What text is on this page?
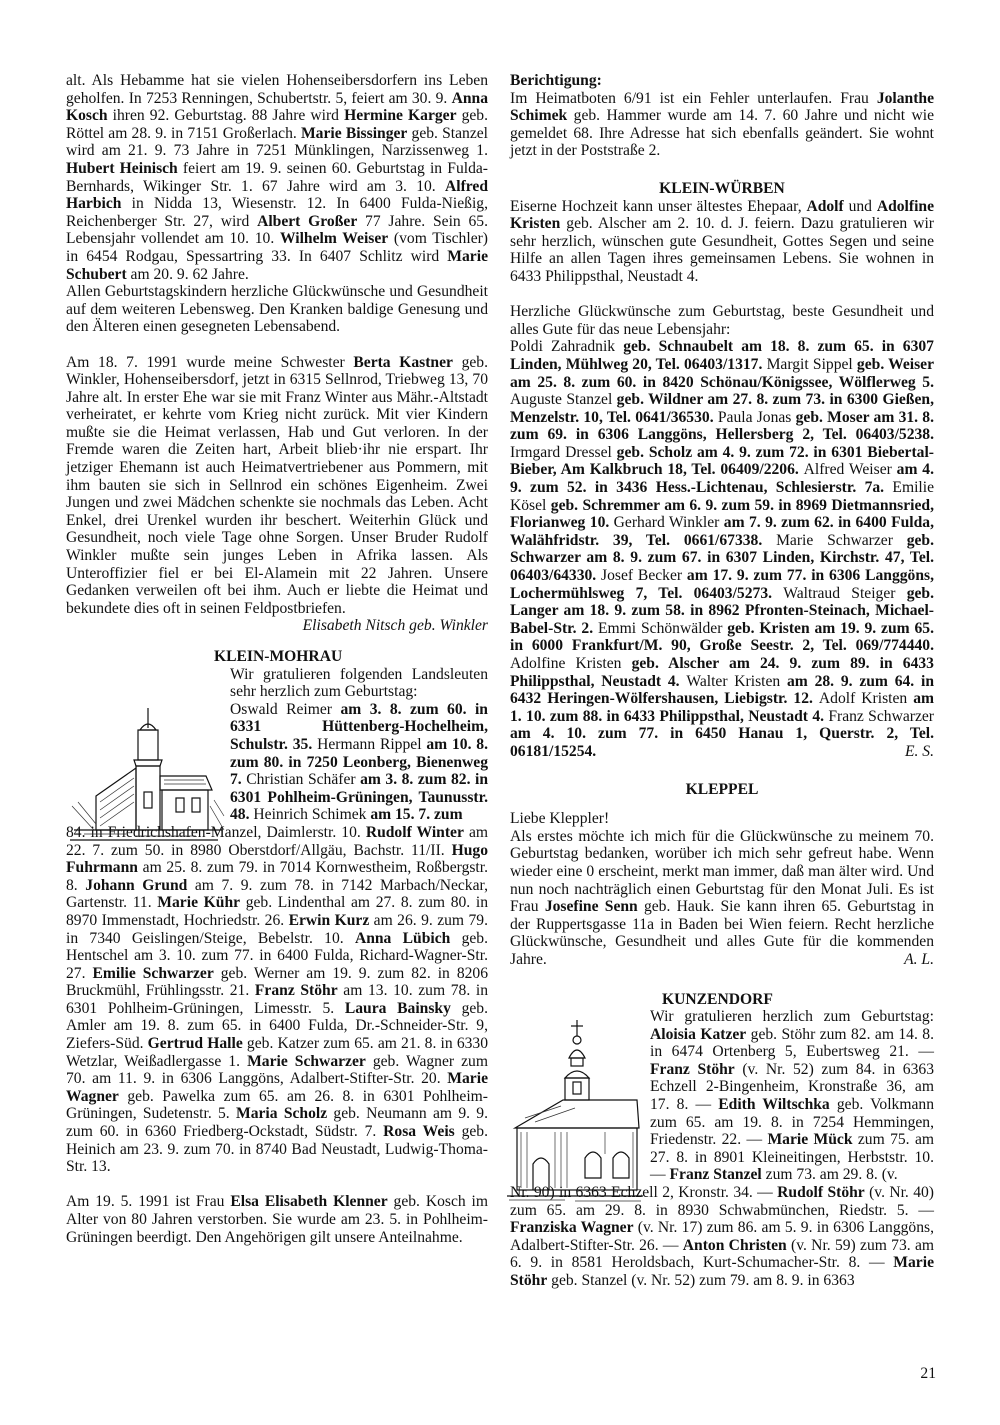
alt. Als Hebamme hat sie vielen Hohenseibersdorfern ins Leben geholfen. In 7253 Renningen, Schubertstr. 5, feiert am 30. 9. Anna Kosch ihren 92. Geburtstag. 88 Jahre wird Hermine Karger geb. Röttel am 28. 9. in 7151 Großerlach. Marie Bissinger geb. Stanzel wird am 21. 9. 73 Jahre in 7251 Münklingen, Narzissenweg 1. Hubert Heinisch feiert am 19. 9. seinen 60. Geburtstag in Fulda-Bernhards, Wikinger Str. 1. 67 Jahre wird am 3. 10. Alfred Harbich in Nidda 13, Wiesenstr. 12. In 6400 Fulda-Nießig, Reichenberger Str. 27, wird Albert Großer 77 Jahre. Sein 65. Lebensjahr vollendet am 10. 10. Wilhelm Weiser (vom Tischler) in 6454 Rodgau, Spessartring 33. In 6407 Schlitz wird Marie Schubert am 20. 9. 62 Jahre.

Allen Geburtstagskindern herzliche Glückwünsche und Gesundheit auf dem weiteren Lebensweg. Den Kranken baldige Genesung und den Älteren einen gesegneten Lebensabend.

Am 18. 7. 1991 wurde meine Schwester Berta Kastner geb. Winkler, Hohenseibersdorf, jetzt in 6315 Sellnrod, Triebweg 13, 70 Jahre alt. In erster Ehe war sie mit Franz Winter aus Mähr.-Altstadt verheiratet, er kehrte vom Krieg nicht zurück. Mit vier Kindern mußte sie die Heimat verlassen, Hab und Gut verloren. In der Fremde waren die Zeiten hart, Arbeit blieb·ihr nie erspart. Ihr jetziger Ehemann ist auch Heimatvertriebener aus Pommern, mit ihm bauten sie sich in Sellnrod ein schönes Eigenheim. Zwei Jungen und zwei Mädchen schenkte sie nochmals das Leben. Acht Enkel, drei Urenkel wurden ihr beschert. Weiterhin Glück und Gesundheit, noch viele Tage ohne Sorgen. Unser Bruder Rudolf Winkler mußte sein junges Leben in Afrika lassen. Als Unteroffizier fiel er bei El-Alamein mit 22 Jahren. Unsere Gedanken verweilen oft bei ihm. Auch er liebte die Heimat und bekundete dies oft in seinen Feldpostbriefen.

Elisabeth Nitsch geb. Winkler

KLEIN-MOHRAU

Wir gratulieren folgenden Landsleuten sehr herzlich zum Geburtstag:

Oswald Reimer am 3. 8. zum 60. in 6331 Hüttenberg-Hochelheim, Schulstr. 35. Hermann Rippel am 10. 8. zum 80. in 7250 Leonberg, Bienenweg 7. Christian Schäfer am 3. 8. zum 82. in 6301 Pohlheim-Grüningen, Taunusstr. 48. Heinrich Schimek am 15. 7. zum

84. in Friedrichshafen-Manzel, Daimlerstr. 10. Rudolf Winter am 22. 7. zum 50. in 8980 Oberstdorf/Allgäu, Bachstr. 11/II. Hugo Fuhrmann am 25. 8. zum 79. in 7014 Kornwestheim, Roßbergstr. 8. Johann Grund am 7. 9. zum 78. in 7142 Marbach/Neckar, Gartenstr. 11. Marie Kühr geb. Lindenthal am 27. 8. zum 80. in 8970 Immenstadt, Hochriedstr. 26. Erwin Kurz am 26. 9. zum 79. in 7340 Geislingen/Steige, Bebelstr. 10. Anna Lübich geb. Hentschel am 3. 10. zum 77. in 6400 Fulda, Richard-Wagner-Str. 27. Emilie Schwarzer geb. Werner am 19. 9. zum 82. in 8206 Bruckmühl, Frühlingsstr. 21. Franz Stöhr am 13. 10. zum 78. in 6301 Pohlheim-Grüningen, Limesstr. 5. Laura Bainsky geb. Amler am 19. 8. zum 65. in 6400 Fulda, Dr.-Schneider-Str. 9, Ziefers-Süd. Gertrud Halle geb. Katzer zum 65. am 21. 8. in 6330 Wetzlar, Weißadlergasse 1. Marie Schwarzer geb. Wagner zum 70. am 11. 9. in 6306 Langgöns, Adalbert-Stifter-Str. 20. Marie Wagner geb. Pawelka zum 65. am 26. 8. in 6301 Pohlheim-Grüningen, Sudetenstr. 5. Maria Scholz geb. Neumann am 9. 9. zum 60. in 6360 Friedberg-Ockstadt, Südstr. 7. Rosa Weis geb. Heinich am 23. 9. zum 70. in 8740 Bad Neustadt, Ludwig-Thoma-Str. 13.

Am 19. 5. 1991 ist Frau Elsa Elisabeth Klenner geb. Kosch im Alter von 80 Jahren verstorben. Sie wurde am 23. 5. in Pohlheim-Grüningen beerdigt. Den Angehörigen gilt unsere Anteilnahme.

Berichtigung:

Im Heimatboten 6/91 ist ein Fehler unterlaufen. Frau Jolanthe Schimek geb. Hammer wurde am 14. 7. 60 Jahre und nicht wie gemeldet 68. Ihre Adresse hat sich ebenfalls geändert. Sie wohnt jetzt in der Poststraße 2.

KLEIN-WÜRBEN

Eiserne Hochzeit kann unser ältestes Ehepaar, Adolf und Adolfine Kristen geb. Alscher am 2. 10. d. J. feiern. Dazu gratulieren wir sehr herzlich, wünschen gute Gesundheit, Gottes Segen und seine Hilfe an allen Tagen ihres gemeinsamen Lebens. Sie wohnen in 6433 Philippsthal, Neustadt 4.

Herzliche Glückwünsche zum Geburtstag, beste Gesundheit und alles Gute für das neue Lebensjahr:

Poldi Zahradnik geb. Schnaubelt am 18. 8. zum 65. in 6307 Linden, Mühlweg 20, Tel. 06403/1317. Margit Sippel geb. Weiser am 25. 8. zum 60. in 8420 Schönau/Königssee, Wölflerweg 5. Auguste Stanzel geb. Wildner am 27. 8. zum 73. in 6300 Gießen, Menzelstr. 10, Tel. 0641/36530. Paula Jonas geb. Moser am 31. 8. zum 69. in 6306 Langgöns, Hellersberg 2, Tel. 06403/5238. Irmgard Dressel geb. Scholz am 4. 9. zum 72. in 6301 Biebertal-Bieber, Am Kalkbruch 18, Tel. 06409/2206. Alfred Weiser am 4. 9. zum 52. in 3436 Hess.-Lichtenau, Schlesierstr. 7a. Emilie Kösel geb. Schremmer am 6. 9. zum 59. in 8969 Dietmannsried, Florianweg 10. Gerhard Winkler am 7. 9. zum 62. in 6400 Fulda, Walähfridstr. 39, Tel. 0661/67338. Marie Schwarzer geb. Schwarzer am 8. 9. zum 67. in 6307 Linden, Kirchstr. 47, Tel. 06403/64330. Josef Becker am 17. 9. zum 77. in 6306 Langgöns, Lochermühlsweg 7, Tel. 06403/5273. Waltraud Steiger geb. Langer am 18. 9. zum 58. in 8962 Pfronten-Steinach, Michael-Babel-Str. 2. Emmi Schönwälder geb. Kristen am 19. 9. zum 65. in 6000 Frankfurt/M. 90, Große Seestr. 2, Tel. 069/774440. Adolfine Kristen geb. Alscher am 24. 9. zum 89. in 6433 Philippsthal, Neustadt 4. Walter Kristen am 28. 9. zum 64. in 6432 Heringen-Wölfershausen, Liebigstr. 12. Adolf Kristen am 1. 10. zum 88. in 6433 Philippsthal, Neustadt 4. Franz Schwarzer am 4. 10. zum 77. in 6450 Hanau 1, Querstr. 2, Tel. 06181/15254.	E. S.

KLEPPEL

Liebe Kleppler!

Als erstes möchte ich mich für die Glückwünsche zu meinem 70. Geburtstag bedanken, worüber ich mich sehr gefreut habe. Wenn wieder eine 0 erscheint, merkt man immer, daß man älter wird. Und nun noch nachträglich einen Geburtstag für den Monat Juli. Es ist Frau Josefine Senn geb. Hauk. Sie kann ihren 65. Geburtstag in der Ruppertsgasse 11a in Baden bei Wien feiern. Recht herzliche Glückwünsche, Gesundheit und alles Gute für die kommenden Jahre.	A. L.

KUNZENDORF

Wir gratulieren herzlich zum Geburtstag: Aloisia Katzer geb. Stöhr zum 82. am 14. 8. in 6474 Ortenberg 5, Eubertsweg 21. — Franz Stöhr (v. Nr. 52) zum 84. in 6363 Echzell 2-Bingenheim, Kronstraße 36, am 17. 8. — Edith Wiltschka geb. Volkmann zum 65. am 19. 8. in 7254 Hemmingen, Friedenstr. 22. — Marie Mück zum 75. am 27. 8. in 8901 Kleineitingen, Herbststr. 10. — Franz Stanzel zum 73. am 29. 8. (v.

Nr. 90) in 6363 Echzell 2, Kronstr. 34. — Rudolf Stöhr (v. Nr. 40) zum 65. am 29. 8. in 8930 Schwabmünchen, Riedstr. 5. — Franziska Wagner (v. Nr. 17) zum 86. am 5. 9. in 6306 Langgöns, Adalbert-Stifter-Str. 26. — Anton Christen (v. Nr. 59) zum 73. am 6. 9. in 8581 Heroldsbach, Kurt-Schumacher-Str. 8. — Marie Stöhr geb. Stanzel (v. Nr. 52) zum 79. am 8. 9. in 6363

21
